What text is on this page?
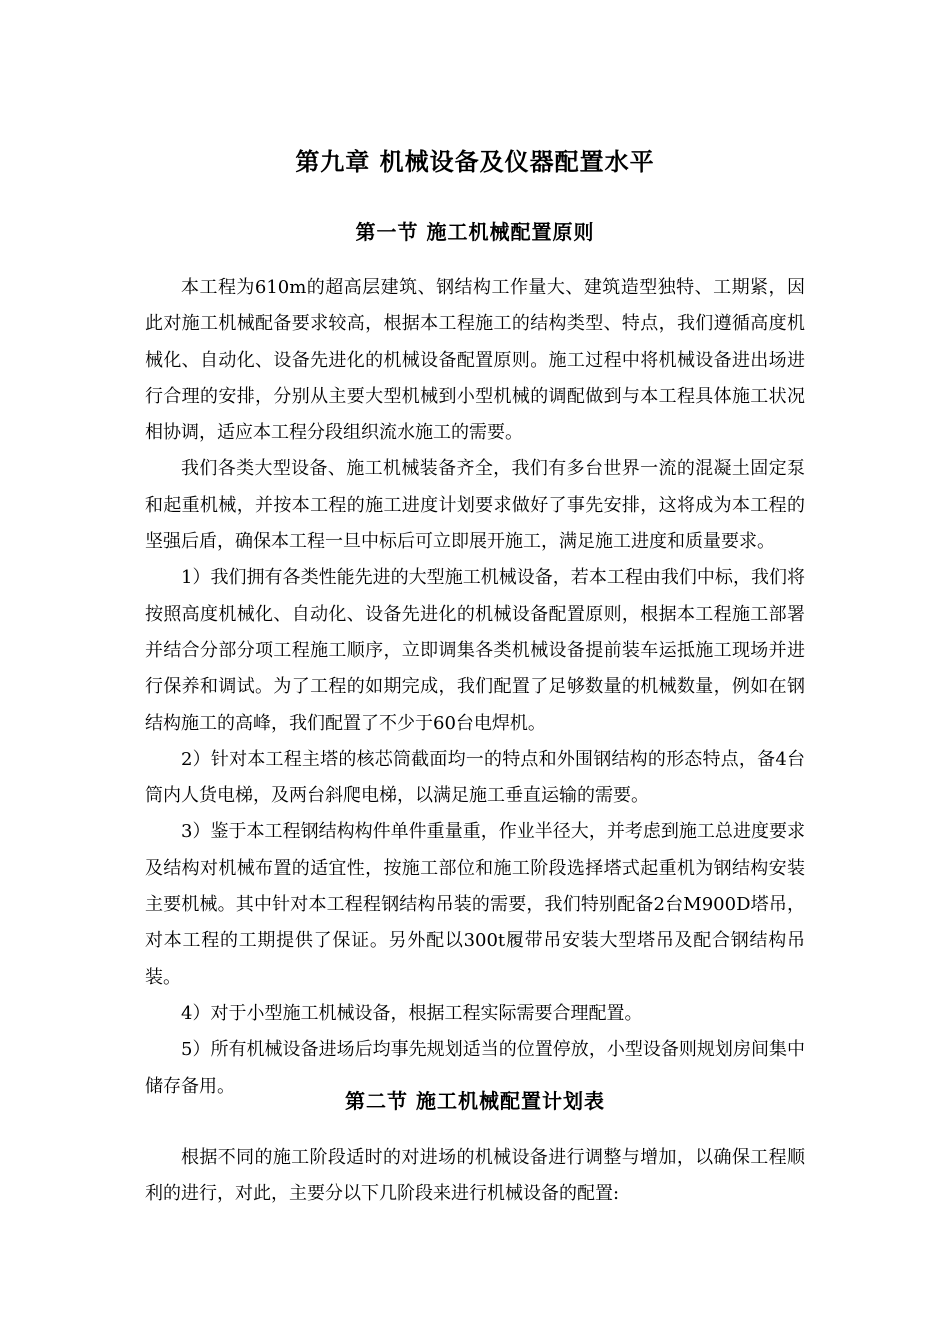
第九章 机械设备及仪器配置水平
第一节 施工机械配置原则

本工程为610m的超高层建筑、钢结构工作量大、建筑造型独特、工期紧，因此对施工机械配备要求较高，根据本工程施工的结构类型、特点，我们遵循高度机械化、自动化、设备先进化的机械设备配置原则。施工过程中将机械设备进出场进行合理的安排，分别从主要大型机械到小型机械的调配做到与本工程具体施工状况相协调，适应本工程分段组织流水施工的需要。

我们各类大型设备、施工机械装备齐全，我们有多台世界一流的混凝土固定泵和起重机械，并按本工程的施工进度计划要求做好了事先安排，这将成为本工程的坚强后盾，确保本工程一旦中标后可立即展开施工，满足施工进度和质量要求。

1）我们拥有各类性能先进的大型施工机械设备，若本工程由我们中标，我们将按照高度机械化、自动化、设备先进化的机械设备配置原则，根据本工程施工部署并结合分部分项工程施工顺序，立即调集各类机械设备提前装车运抵施工现场并进行保养和调试。为了工程的如期完成，我们配置了足够数量的机械数量，例如在钢结构施工的高峰，我们配置了不少于60台电焊机。

2）针对本工程主塔的核芯筒截面均一的特点和外围钢结构的形态特点，备4台筒内人货电梯，及两台斜爬电梯，以满足施工垂直运输的需要。

3）鉴于本工程钢结构构件单件重量重，作业半径大，并考虑到施工总进度要求及结构对机械布置的适宜性，按施工部位和施工阶段选择塔式起重机为钢结构安装主要机械。其中针对本工程程钢结构吊装的需要，我们特别配备2台M900D塔吊，对本工程的工期提供了保证。另外配以300t履带吊安装大型塔吊及配合钢结构吊装。

4）对于小型施工机械设备，根据工程实际需要合理配置。

5）所有机械设备进场后均事先规划适当的位置停放，小型设备则规划房间集中储存备用。

第二节 施工机械配置计划表

根据不同的施工阶段适时的对进场的机械设备进行调整与增加，以确保工程顺利的进行，对此，主要分以下几阶段来进行机械设备的配置:
